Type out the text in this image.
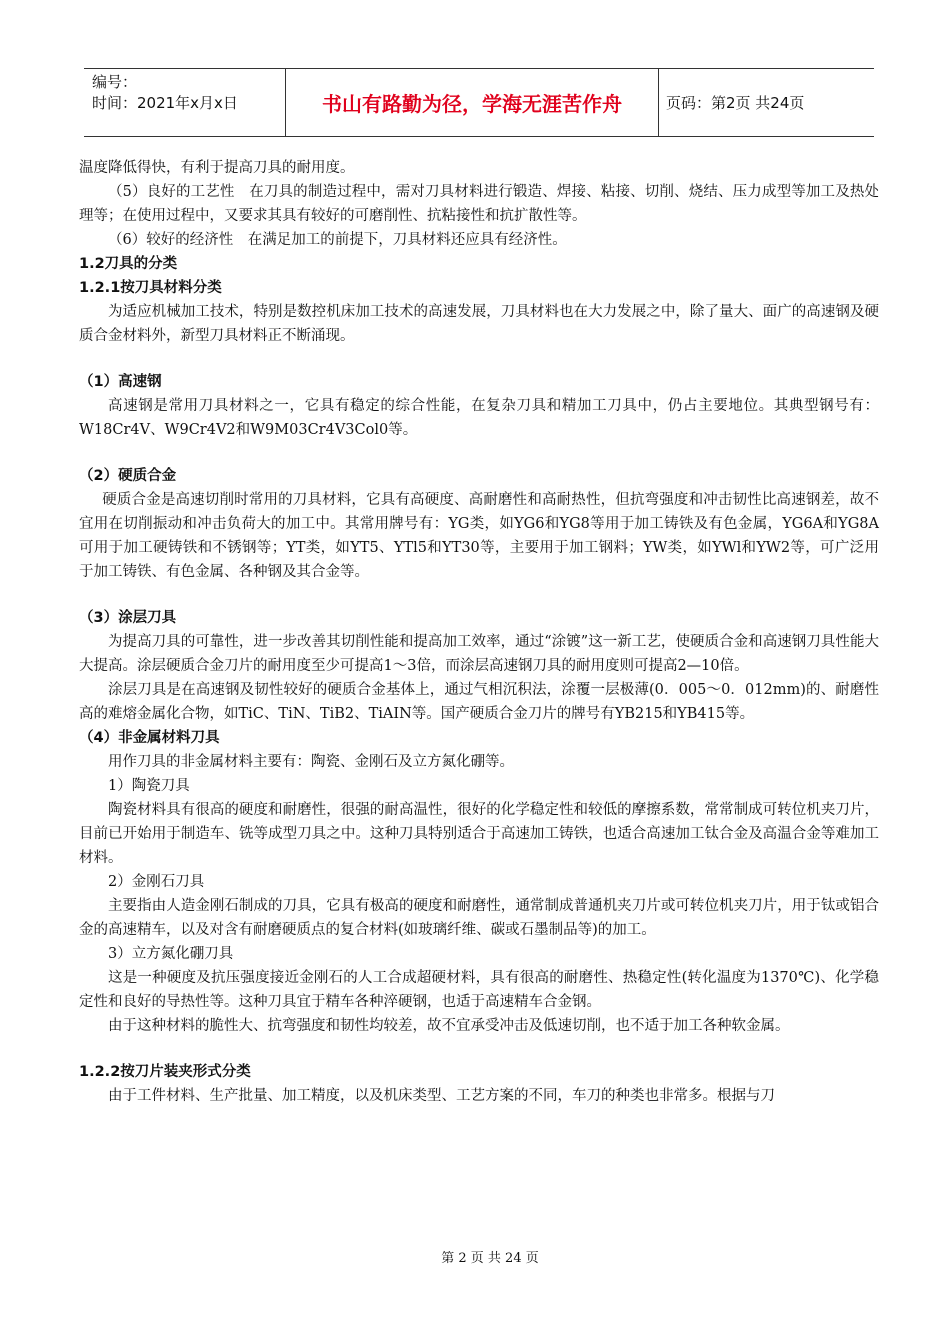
编号：
时间：2021年x月x日	书山有路勤为径，学海无涯苦作舟	页码：第2页 共24页

温度降低得快，有利于提高刀具的耐用度。

（5）良好的工艺性　在刀具的制造过程中，需对刀具材料进行锻造、焊接、粘接、切削、烧结、压力成型等加工及热处理等；在使用过程中，又要求其具有较好的可磨削性、抗粘接性和抗扩散性等。

（6）较好的经济性　在满足加工的前提下，刀具材料还应具有经济性。

1.2刀具的分类

1.2.1按刀具材料分类

为适应机械加工技术，特别是数控机床加工技术的高速发展，刀具材料也在大力发展之中，除了量大、面广的高速钢及硬质合金材料外，新型刀具材料正不断涌现。

（1）高速钢

高速钢是常用刀具材料之一，它具有稳定的综合性能，在复杂刀具和精加工刀具中，仍占主要地位。其典型钢号有：W18Cr4V、W9Cr4V2和W9M03Cr4V3Col0等。

（2）硬质合金

硬质合金是高速切削时常用的刀具材料，它具有高硬度、高耐磨性和高耐热性，但抗弯强度和冲击韧性比高速钢差，故不宜用在切削振动和冲击负荷大的加工中。其常用牌号有：YG类，如YG6和YG8等用于加工铸铁及有色金属，YG6A和YG8A可用于加工硬铸铁和不锈钢等；YT类，如YT5、YTl5和YT30等，主要用于加工钢料；YW类，如YWl和YW2等，可广泛用于加工铸铁、有色金属、各种钢及其合金等。

（3）涂层刀具

为提高刀具的可靠性，进一步改善其切削性能和提高加工效率，通过“涂镀”这一新工艺，使硬质合金和高速钢刀具性能大大提高。涂层硬质合金刀片的耐用度至少可提高1～3倍，而涂层高速钢刀具的耐用度则可提高2—10倍。

涂层刀具是在高速钢及韧性较好的硬质合金基体上，通过气相沉积法，涂覆一层极薄(0．005～0．012mm)的、耐磨性高的难熔金属化合物，如TiC、TiN、TiB2、TiAIN等。国产硬质合金刀片的牌号有YB215和YB415等。

（4）非金属材料刀具

用作刀具的非金属材料主要有：陶瓷、金刚石及立方氮化硼等。

1）陶瓷刀具

陶瓷材料具有很高的硬度和耐磨性，很强的耐高温性，很好的化学稳定性和较低的摩擦系数，常常制成可转位机夹刀片，目前已开始用于制造车、铣等成型刀具之中。这种刀具特别适合于高速加工铸铁，也适合高速加工钛合金及高温合金等难加工材料。

2）金刚石刀具

主要指由人造金刚石制成的刀具，它具有极高的硬度和耐磨性，通常制成普通机夹刀片或可转位机夹刀片，用于钛或铝合金的高速精车，以及对含有耐磨硬质点的复合材料(如玻璃纤维、碳或石墨制品等)的加工。

3）立方氮化硼刀具

这是一种硬度及抗压强度接近金刚石的人工合成超硬材料，具有很高的耐磨性、热稳定性(转化温度为1370℃)、化学稳定性和良好的导热性等。这种刀具宜于精车各种淬硬钢，也适于高速精车合金钢。

由于这种材料的脆性大、抗弯强度和韧性均较差，故不宜承受冲击及低速切削，也不适于加工各种软金属。

1.2.2按刀片装夹形式分类

由于工件材料、生产批量、加工精度，以及机床类型、工艺方案的不同，车刀的种类也非常多。根据与刀

第 2 页 共 24 页
